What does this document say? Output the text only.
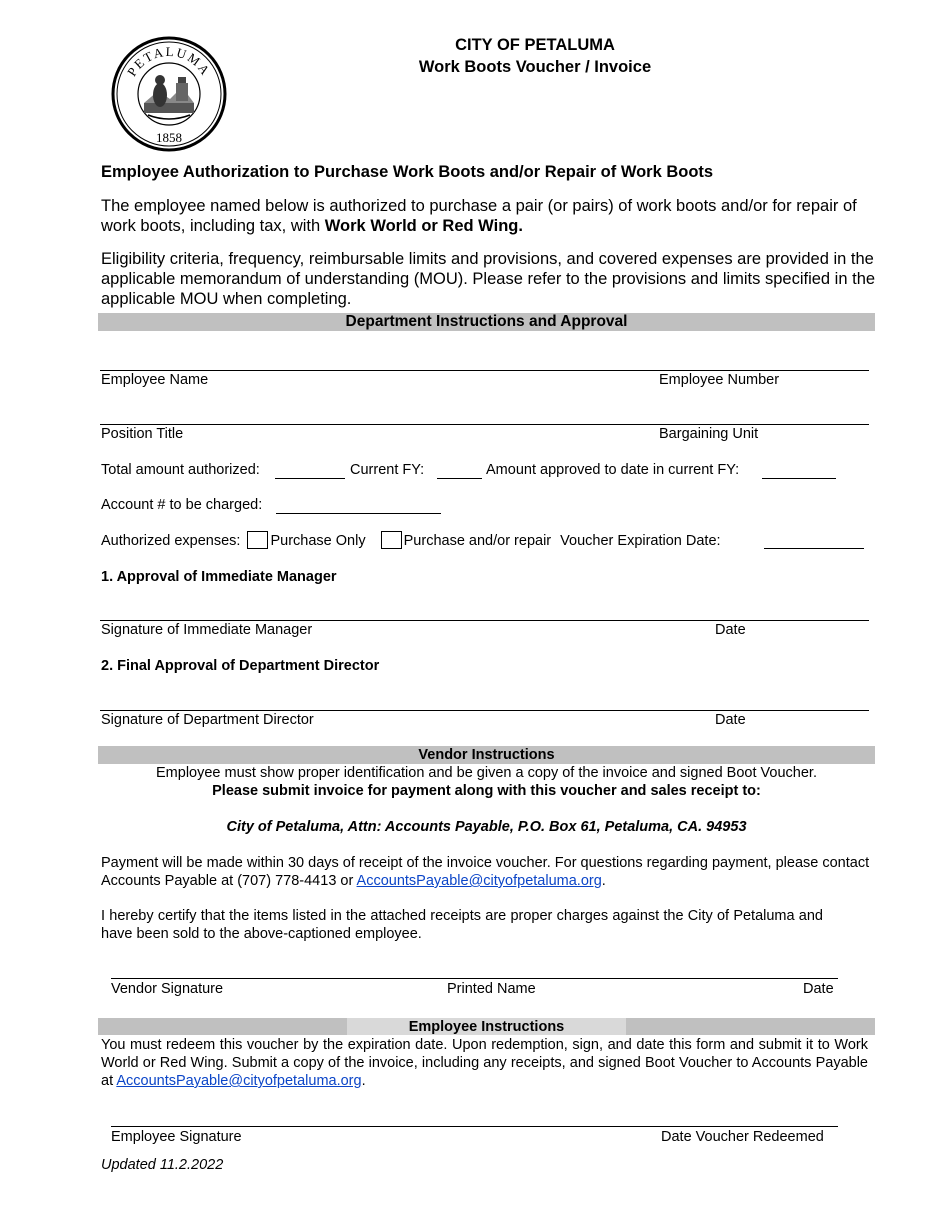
PETALUMA
1858
CITY OF PETALUMA
Work Boots Voucher / Invoice
Employee Authorization to Purchase Work Boots and/or Repair of Work Boots
The employee named below is authorized to purchase a pair (or pairs) of work boots and/or for repair of work boots, including tax, with Work World or Red Wing.
Eligibility criteria, frequency, reimbursable limits and provisions, and covered expenses are provided in the applicable memorandum of understanding (MOU). Please refer to the provisions and limits specified in the applicable MOU when completing.
Department Instructions and Approval
Employee Name	Employee Number
Position Title	Bargaining Unit
Total amount authorized:	Current FY:	Amount approved to date in current FY:
Account # to be charged:
Authorized expenses: Purchase Only	Purchase and/or repair Voucher Expiration Date:
1. Approval of Immediate Manager
Signature of Immediate Manager	Date
2. Final Approval of Department Director
Signature of Department Director	Date
Vendor Instructions
Employee must show proper identification and be given a copy of the invoice and signed Boot Voucher.
Please submit invoice for payment along with this voucher and sales receipt to:
City of Petaluma, Attn: Accounts Payable, P.O. Box 61, Petaluma, CA. 94953
Payment will be made within 30 days of receipt of the invoice voucher. For questions regarding payment, please contact Accounts Payable at (707) 778-4413 or AccountsPayable@cityofpetaluma.org.
I hereby certify that the items listed in the attached receipts are proper charges against the City of Petaluma and have been sold to the above-captioned employee.
Vendor Signature	Printed Name	Date
Employee Instructions
You must redeem this voucher by the expiration date. Upon redemption, sign, and date this form and submit it to Work World or Red Wing. Submit a copy of the invoice, including any receipts, and signed Boot Voucher to Accounts Payable at AccountsPayable@cityofpetaluma.org.
Employee Signature	Date Voucher Redeemed
Updated 11.2.2022
